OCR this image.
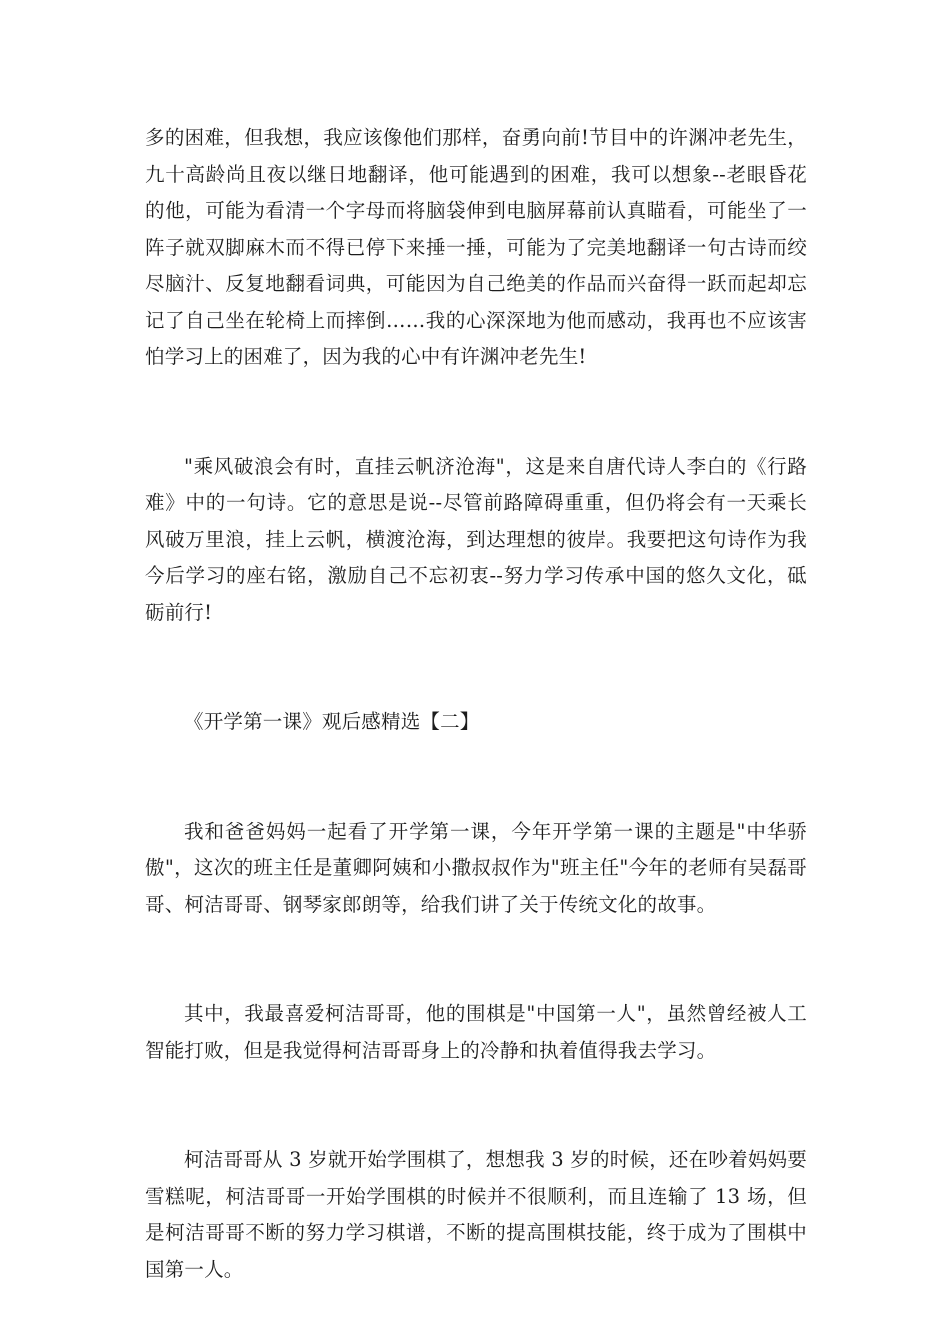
多的困难，但我想，我应该像他们那样，奋勇向前!节目中的许渊冲老先生，九十高龄尚且夜以继日地翻译，他可能遇到的困难，我可以想象--老眼昏花的他，可能为看清一个字母而将脑袋伸到电脑屏幕前认真瞄看，可能坐了一阵子就双脚麻木而不得已停下来捶一捶，可能为了完美地翻译一句古诗而绞尽脑汁、反复地翻看词典，可能因为自己绝美的作品而兴奋得一跃而起却忘记了自己坐在轮椅上而摔倒……我的心深深地为他而感动，我再也不应该害怕学习上的困难了，因为我的心中有许渊冲老先生!

"乘风破浪会有时，直挂云帆济沧海"，这是来自唐代诗人李白的《行路难》中的一句诗。它的意思是说--尽管前路障碍重重，但仍将会有一天乘长风破万里浪，挂上云帆，横渡沧海，到达理想的彼岸。我要把这句诗作为我今后学习的座右铭，激励自己不忘初衷--努力学习传承中国的悠久文化，砥砺前行!

《开学第一课》观后感精选【二】

我和爸爸妈妈一起看了开学第一课，今年开学第一课的主题是"中华骄傲"，这次的班主任是董卿阿姨和小撒叔叔作为"班主任"今年的老师有吴磊哥哥、柯洁哥哥、钢琴家郎朗等，给我们讲了关于传统文化的故事。

其中，我最喜爱柯洁哥哥，他的围棋是"中国第一人"，虽然曾经被人工智能打败，但是我觉得柯洁哥哥身上的冷静和执着值得我去学习。

柯洁哥哥从 3 岁就开始学围棋了，想想我 3 岁的时候，还在吵着妈妈要雪糕呢，柯洁哥哥一开始学围棋的时候并不很顺利，而且连输了 13 场，但是柯洁哥哥不断的努力学习棋谱，不断的提高围棋技能，终于成为了围棋中国第一人。
